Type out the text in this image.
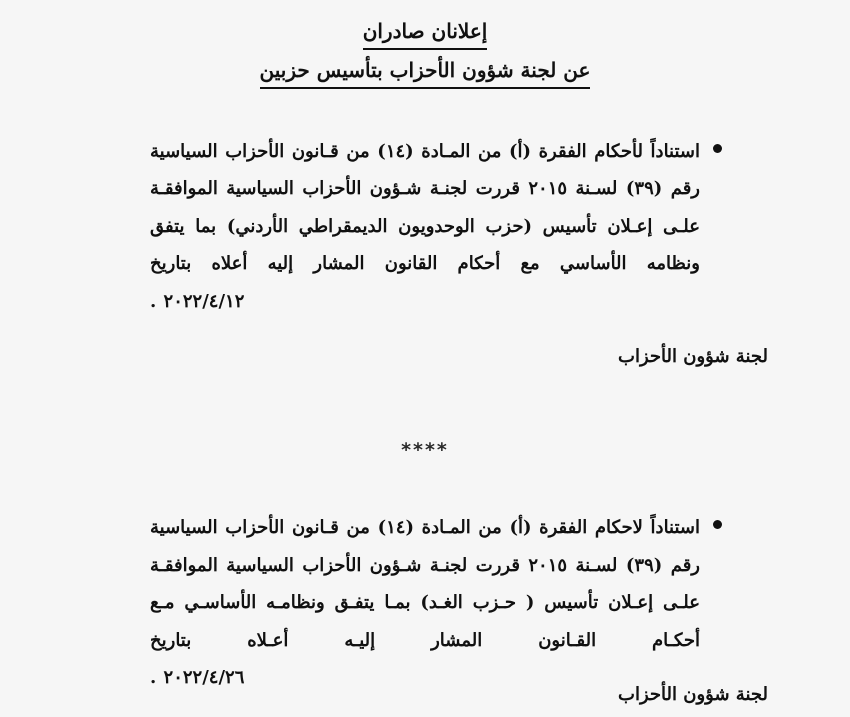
إعلانان صادران
عن لجنة شؤون الأحزاب بتأسيس حزبين

استناداً لأحكام الفقرة (أ) من المـادة (١٤) من قـانون الأحزاب السياسية رقم (٣٩) لسـنة ٢٠١٥ قررت لجنـة شـؤون الأحزاب السياسية الموافقـة علـى إعـلان تأسيس (حزب الوحدويون الديمقراطي الأردني) بما يتفق ونظامه الأساسي مع أحكام القانون المشار إليه أعلاه بتاريخ
٢٠٢٢/٤/١٢ .

لجنة شؤون الأحزاب

****

استناداً لاحكام الفقرة (أ) من المـادة (١٤) من قـانون الأحزاب السياسية رقم (٣٩) لسـنة ٢٠١٥ قررت لجنـة شـؤون الأحزاب السياسية الموافقـة علـى إعـلان تأسيس ( حـزب الغـد) بمـا يتفـق ونظامـه الأساسـي مـع أحكـام القـانون المشار إليـه أعـلاه بتاريخ
٢٠٢٢/٤/٢٦ .

لجنة شؤون الأحزاب
